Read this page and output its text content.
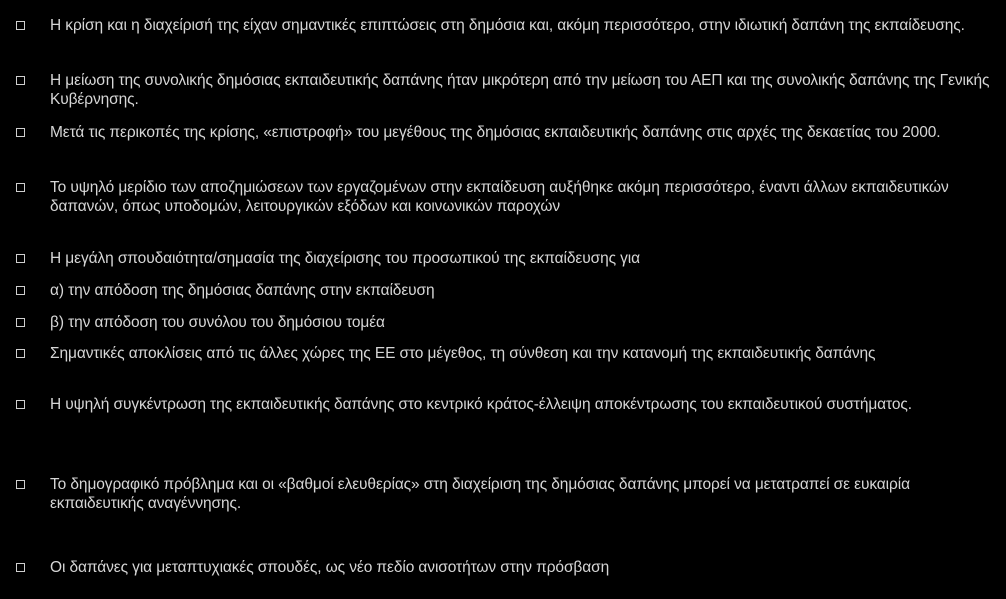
Η κρίση και η διαχείρισή της είχαν σημαντικές επιπτώσεις στη δημόσια και, ακόμη περισσότερο, στην ιδιωτική δαπάνη της εκπαίδευσης.
Η μείωση της συνολικής δημόσιας εκπαιδευτικής δαπάνης ήταν μικρότερη από την μείωση του ΑΕΠ και της συνολικής δαπάνης της Γενικής Κυβέρνησης.
Μετά τις περικοπές της κρίσης, «επιστροφή» του μεγέθους της δημόσιας εκπαιδευτικής δαπάνης στις αρχές της δεκαετίας του 2000.
Το υψηλό μερίδιο των αποζημιώσεων των εργαζομένων στην εκπαίδευση αυξήθηκε ακόμη περισσότερο, έναντι άλλων εκπαιδευτικών δαπανών, όπως υποδομών, λειτουργικών εξόδων και κοινωνικών παροχών
Η μεγάλη σπουδαιότητα/σημασία της διαχείρισης του προσωπικού της εκπαίδευσης για
α) την απόδοση της δημόσιας δαπάνης στην εκπαίδευση
β) την απόδοση του συνόλου του δημόσιου τομέα
Σημαντικές αποκλίσεις από τις άλλες χώρες της ΕΕ στο μέγεθος, τη σύνθεση και την κατανομή της εκπαιδευτικής δαπάνης
Η υψηλή συγκέντρωση της εκπαιδευτικής δαπάνης στο κεντρικό κράτος-έλλειψη αποκέντρωσης του εκπαιδευτικού συστήματος.
Το δημογραφικό πρόβλημα και οι «βαθμοί ελευθερίας» στη διαχείριση της δημόσιας δαπάνης μπορεί να μετατραπεί σε ευκαιρία εκπαιδευτικής αναγέννησης.
Οι δαπάνες για μεταπτυχιακές σπουδές, ως νέο πεδίο ανισοτήτων στην πρόσβαση
